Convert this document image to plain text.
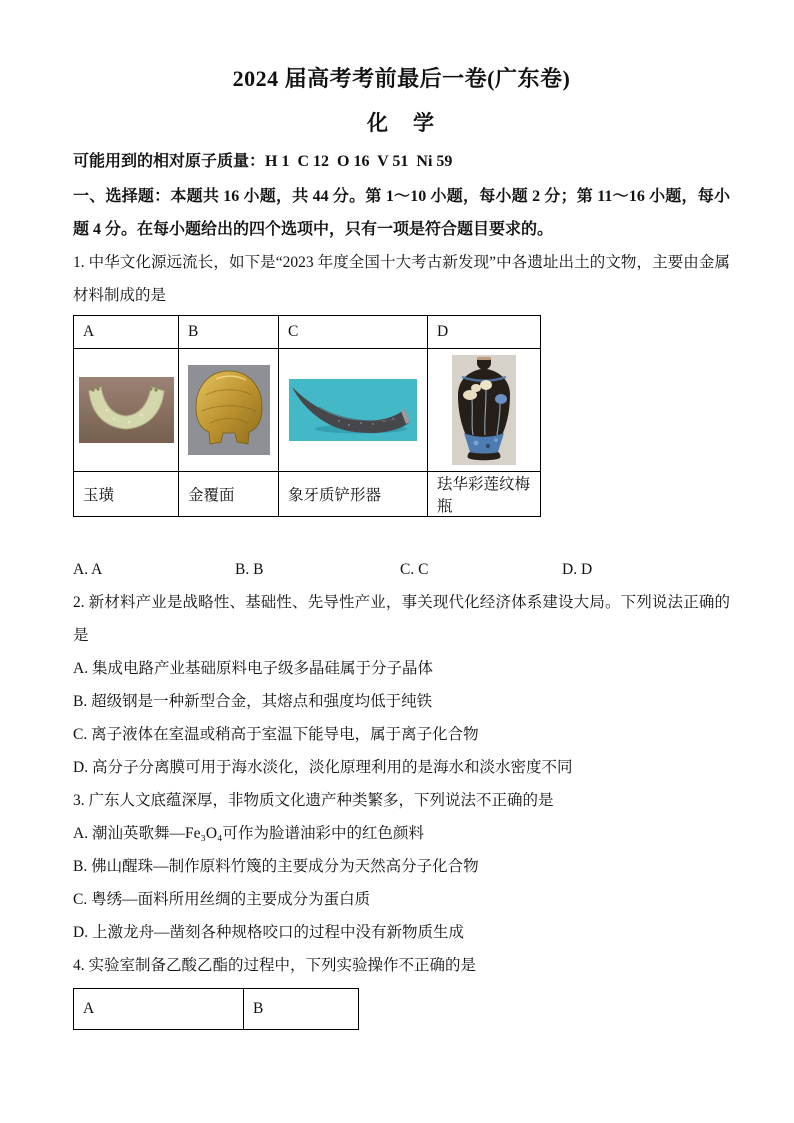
2024 届高考考前最后一卷(广东卷)
化　学
可能用到的相对原子质量：H 1  C 12  O 16  V 51  Ni 59
一、选择题：本题共 16 小题，共 44 分。第 1～10 小题，每小题 2 分；第 11～16 小题，每小题 4 分。在每小题给出的四个选项中，只有一项是符合题目要求的。
1. 中华文化源远流长，如下是“2023 年度全国十大考古新发现”中各遗址出土的文物，主要由金属材料制成的是
A	B	C	D

玉璜	金覆面	象牙质铲形器	珐华彩莲纹梅瓶
A. A	B. B	C. C	D. D
2. 新材料产业是战略性、基础性、先导性产业，事关现代化经济体系建设大局。下列说法正确的是
A. 集成电路产业基础原料电子级多晶硅属于分子晶体
B. 超级钢是一种新型合金，其熔点和强度均低于纯铁
C. 离子液体在室温或稍高于室温下能导电，属于离子化合物
D. 高分子分离膜可用于海水淡化，淡化原理利用的是海水和淡水密度不同
3. 广东人文底蕴深厚，非物质文化遗产种类繁多，下列说法不正确的是
A. 潮汕英歌舞—Fe₃O₄可作为脸谱油彩中的红色颜料
B. 佛山醒珠—制作原料竹篾的主要成分为天然高分子化合物
C. 粤绣—面料所用丝绸的主要成分为蛋白质
D. 上激龙舟—凿刻各种规格咬口的过程中没有新物质生成
4. 实验室制备乙酸乙酯的过程中，下列实验操作不正确的是
A	B
